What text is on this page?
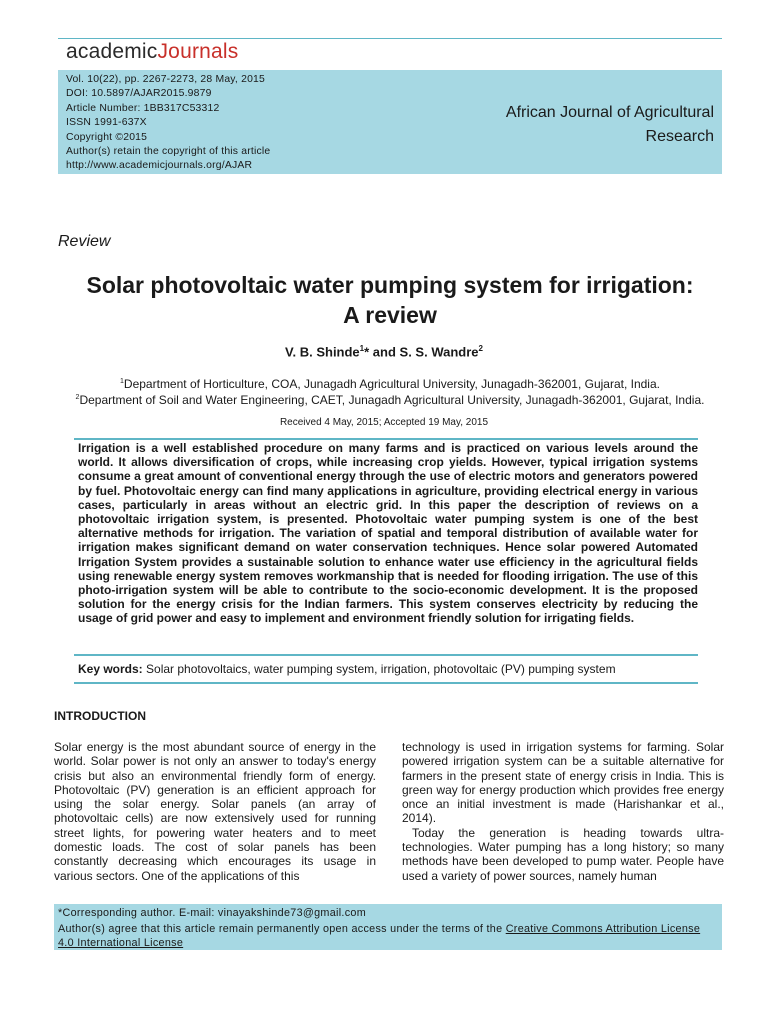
academicJournals
Vol. 10(22), pp. 2267-2273, 28 May, 2015
DOI: 10.5897/AJAR2015.9879
Article Number: 1BB317C53312
ISSN 1991-637X
Copyright ©2015
Author(s) retain the copyright of this article
http://www.academicjournals.org/AJAR
African Journal of Agricultural
Research
Review
Solar photovoltaic water pumping system for irrigation:
A review
V. B. Shinde$^1$* and S. S. Wandre$^2$
$^1$Department of Horticulture, COA, Junagadh Agricultural University, Junagadh-362001, Gujarat, India.
$^2$Department of Soil and Water Engineering, CAET, Junagadh Agricultural University, Junagadh-362001, Gujarat, India.
Received 4 May, 2015; Accepted 19 May, 2015
Irrigation is a well established procedure on many farms and is practiced on various levels around the world. It allows diversification of crops, while increasing crop yields. However, typical irrigation systems consume a great amount of conventional energy through the use of electric motors and generators powered by fuel. Photovoltaic energy can find many applications in agriculture, providing electrical energy in various cases, particularly in areas without an electric grid. In this paper the description of reviews on a photovoltaic irrigation system, is presented. Photovoltaic water pumping system is one of the best alternative methods for irrigation. The variation of spatial and temporal distribution of available water for irrigation makes significant demand on water conservation techniques. Hence solar powered Automated Irrigation System provides a sustainable solution to enhance water use efficiency in the agricultural fields using renewable energy system removes workmanship that is needed for flooding irrigation. The use of this photo-irrigation system will be able to contribute to the socio-economic development. It is the proposed solution for the energy crisis for the Indian farmers. This system conserves electricity by reducing the usage of grid power and easy to implement and environment friendly solution for irrigating fields.
Key words: Solar photovoltaics, water pumping system, irrigation, photovoltaic (PV) pumping system
INTRODUCTION

Solar energy is the most abundant source of energy in the world. Solar power is not only an answer to today's energy crisis but also an environmental friendly form of energy. Photovoltaic (PV) generation is an efficient approach for using the solar energy. Solar panels (an array of photovoltaic cells) are now extensively used for running street lights, for powering water heaters and to meet domestic loads. The cost of solar panels has been constantly decreasing which encourages its usage in various sectors. One of the applications of this

technology is used in irrigation systems for farming. Solar powered irrigation system can be a suitable alternative for farmers in the present state of energy crisis in India. This is green way for energy production which provides free energy once an initial investment is made (Harishankar et al., 2014).

Today the generation is heading towards ultra-technologies. Water pumping has a long history; so many methods have been developed to pump water. People have used a variety of power sources, namely human

*Corresponding author. E-mail: vinayakshinde73@gmail.com
Author(s) agree that this article remain permanently open access under the terms of the Creative Commons Attribution License 4.0 International License
